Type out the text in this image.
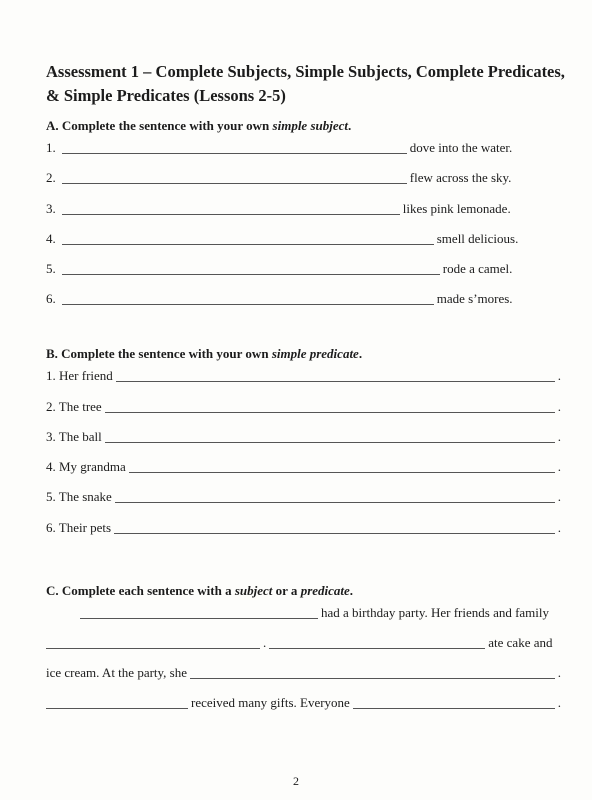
Assessment 1 – Complete Subjects, Simple Subjects, Complete Predicates, & Simple Predicates (Lessons 2-5)

A. Complete the sentence with your own simple subject.

1.	dove into the water.
2.	flew across the sky.
3.	likes pink lemonade.
4.	smell delicious.
5.	rode a camel.
6.	made s’mores.

B. Complete the sentence with your own simple predicate.

1. Her friend	.
2. The tree	.
3. The ball	.
4. My grandma	.
5. The snake	.
6. Their pets	.

C. Complete each sentence with a subject or a predicate.

had a birthday party. Her friends and family
.	ate cake and
ice cream. At the party, she	.
received many gifts. Everyone	.
2
